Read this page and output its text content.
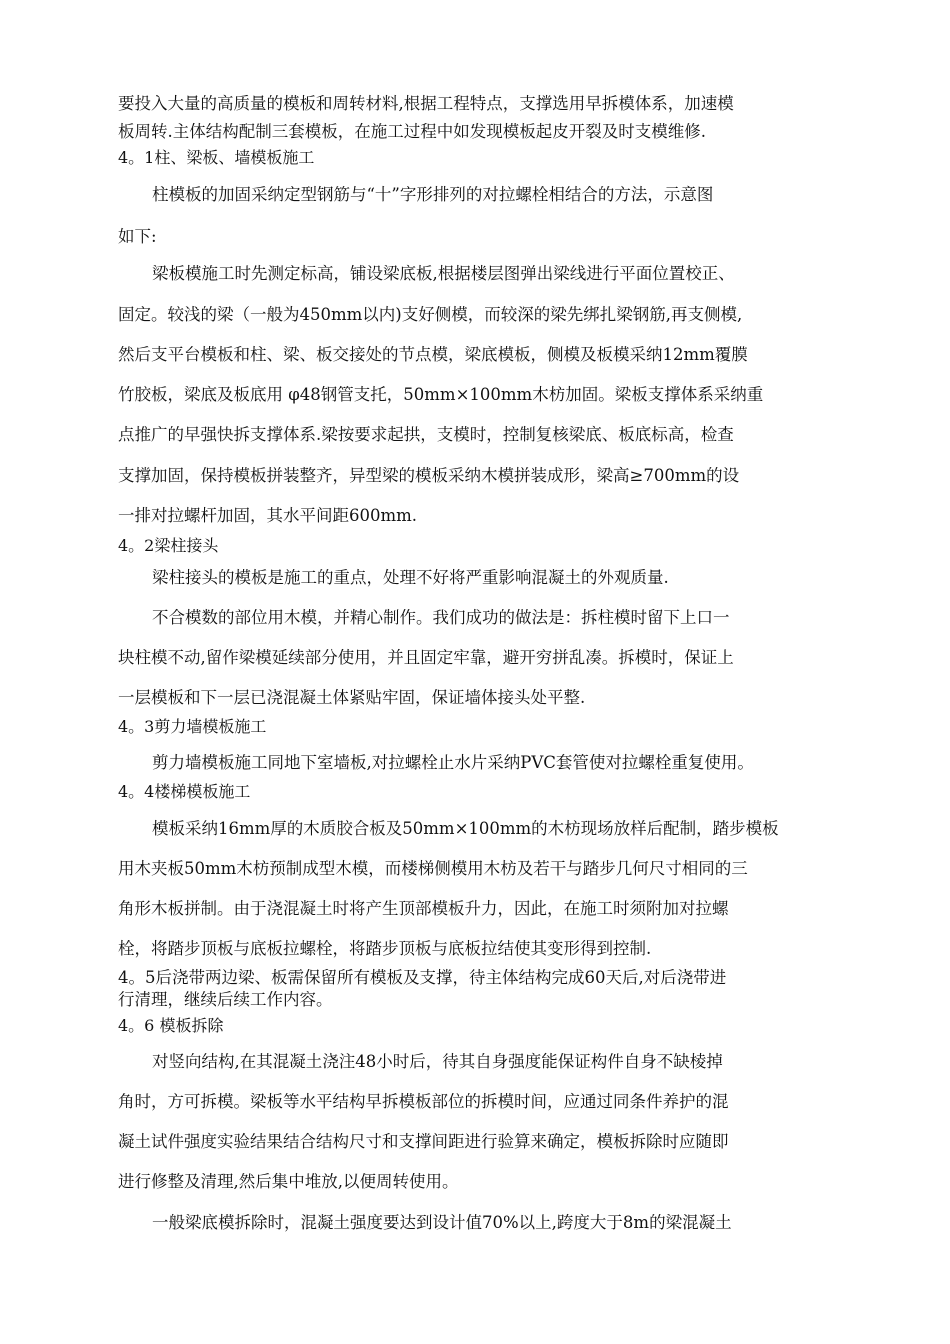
要投入大量的高质量的模板和周转材料,根据工程特点，支撑选用早拆模体系，加速模
板周转.主体结构配制三套模板，在施工过程中如发现模板起皮开裂及时支模维修.
4。1柱、梁板、墙模板施工
柱模板的加固采纳定型钢筋与“十”字形排列的对拉螺栓相结合的方法，示意图
如下:
梁板模施工时先测定标高，铺设梁底板,根据楼层图弹出梁线进行平面位置校正、
固定。较浅的梁（一般为450mm以内)支好侧模，而较深的梁先绑扎梁钢筋,再支侧模,
然后支平台模板和柱、梁、板交接处的节点模，梁底模板，侧模及板模采纳12mm覆膜
竹胶板，梁底及板底用 φ48钢管支托，50mm×100mm木枋加固。梁板支撑体系采纳重
点推广的早强快拆支撑体系.梁按要求起拱，支模时，控制复核梁底、板底标高，检查
支撑加固，保持模板拼装整齐，异型梁的模板采纳木模拼装成形，梁高≥700mm的设
一排对拉螺杆加固，其水平间距600mm.
4。2梁柱接头
梁柱接头的模板是施工的重点，处理不好将严重影响混凝土的外观质量.
不合模数的部位用木模，并精心制作。我们成功的做法是：拆柱模时留下上口一
块柱模不动,留作梁模延续部分使用，并且固定牢靠，避开穷拼乱凑。拆模时，保证上
一层模板和下一层已浇混凝土体紧贴牢固，保证墙体接头处平整.
4。3剪力墙模板施工
剪力墙模板施工同地下室墙板,对拉螺栓止水片采纳PVC套管使对拉螺栓重复使用。
4。4楼梯模板施工
模板采纳16mm厚的木质胶合板及50mm×100mm的木枋现场放样后配制，踏步模板
用木夹板50mm木枋预制成型木模，而楼梯侧模用木枋及若干与踏步几何尺寸相同的三
角形木板拼制。由于浇混凝土时将产生顶部模板升力，因此，在施工时须附加对拉螺
栓，将踏步顶板与底板拉螺栓，将踏步顶板与底板拉结使其变形得到控制.
4。5后浇带两边梁、板需保留所有模板及支撑，待主体结构完成60天后,对后浇带进
行清理，继续后续工作内容。
4。6 模板拆除
对竖向结构,在其混凝土浇注48小时后，待其自身强度能保证构件自身不缺棱掉
角时，方可拆模。梁板等水平结构早拆模板部位的拆模时间，应通过同条件养护的混
凝土试件强度实验结果结合结构尺寸和支撑间距进行验算来确定，模板拆除时应随即
进行修整及清理,然后集中堆放,以便周转使用。
一般梁底模拆除时，混凝土强度要达到设计值70%以上,跨度大于8m的梁混凝土
